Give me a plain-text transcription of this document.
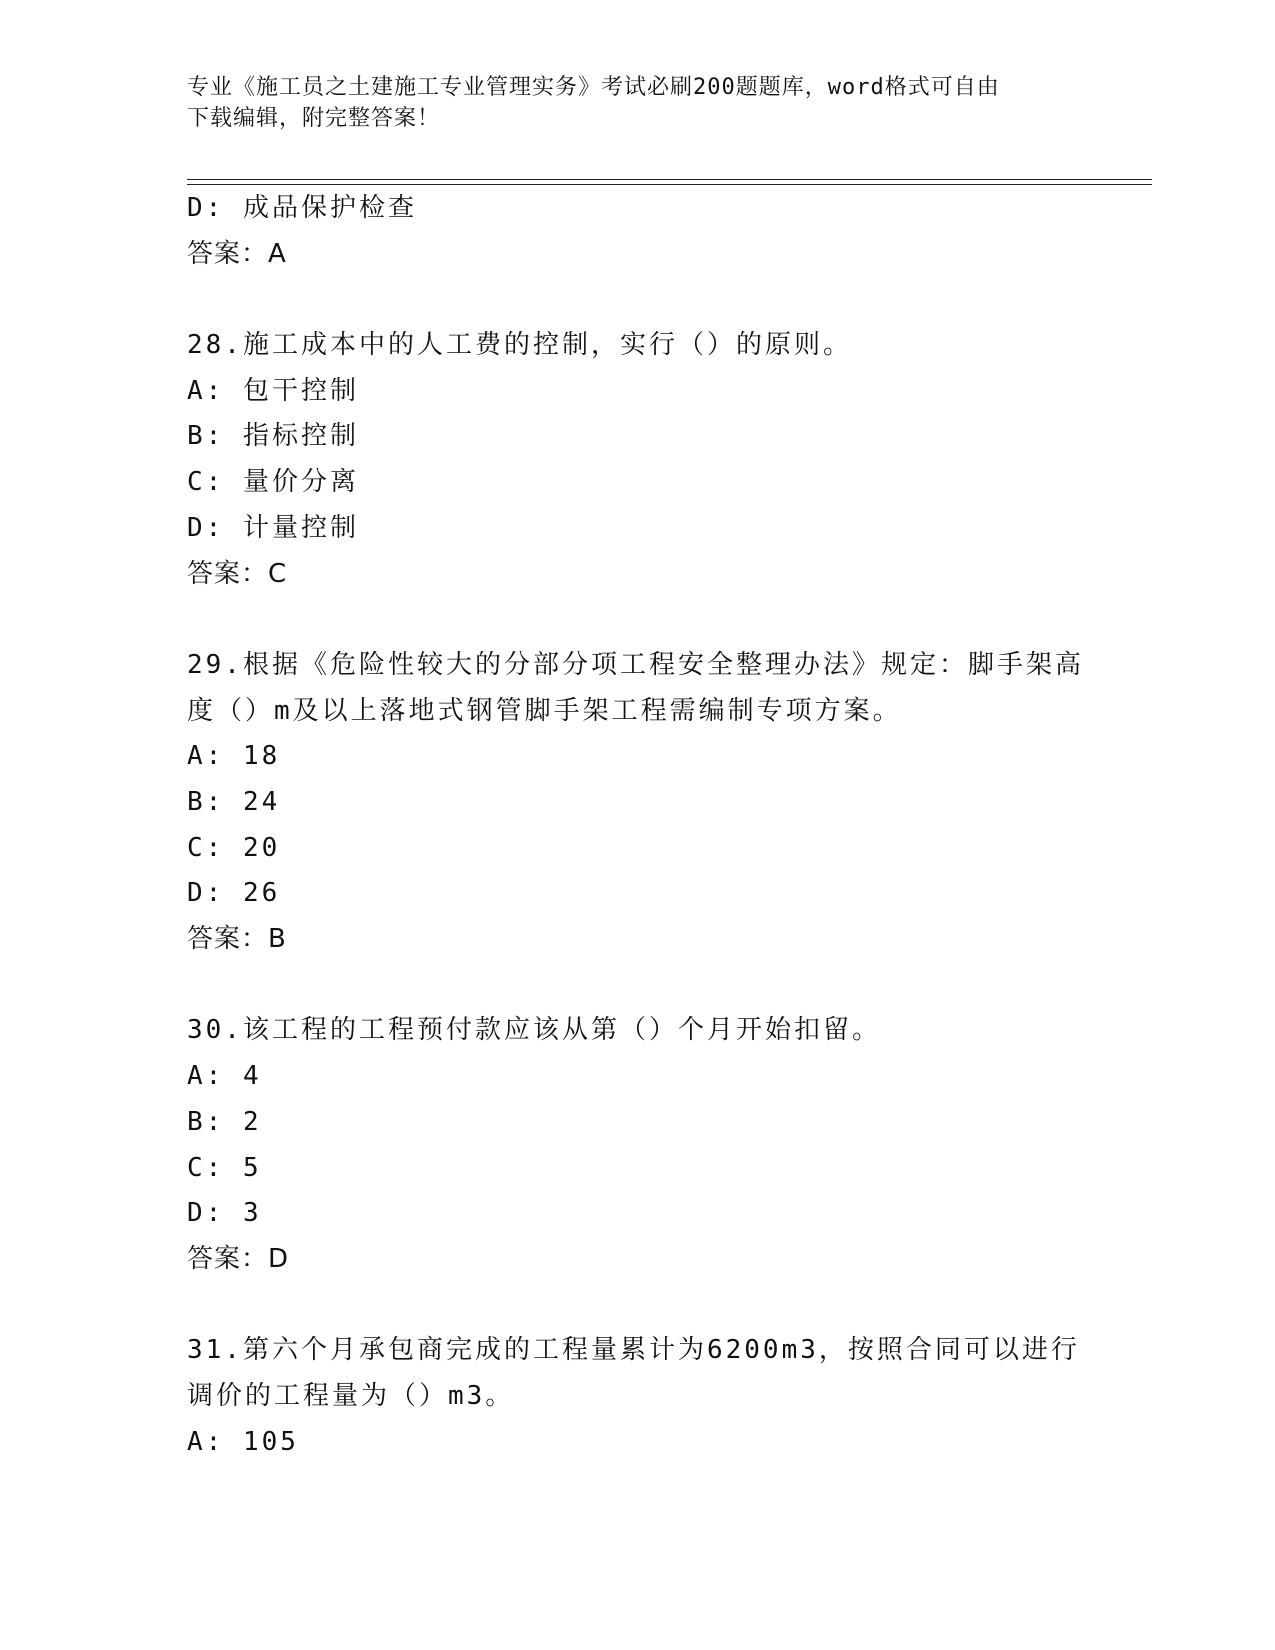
专业《施工员之土建施工专业管理实务》考试必刷200题题库，word格式可自由
下载编辑，附完整答案！
D: 成品保护检查
答案：A
28.施工成本中的人工费的控制，实行（）的原则。
A: 包干控制
B: 指标控制
C: 量价分离
D: 计量控制
答案：C
29.根据《危险性较大的分部分项工程安全整理办法》规定：脚手架高度（）m及以上落地式钢管脚手架工程需编制专项方案。
A: 18
B: 24
C: 20
D: 26
答案：B
30.该工程的工程预付款应该从第（）个月开始扣留。
A: 4
B: 2
C: 5
D: 3
答案：D
31.第六个月承包商完成的工程量累计为6200m3，按照合同可以进行调价的工程量为（）m3。
A: 105
